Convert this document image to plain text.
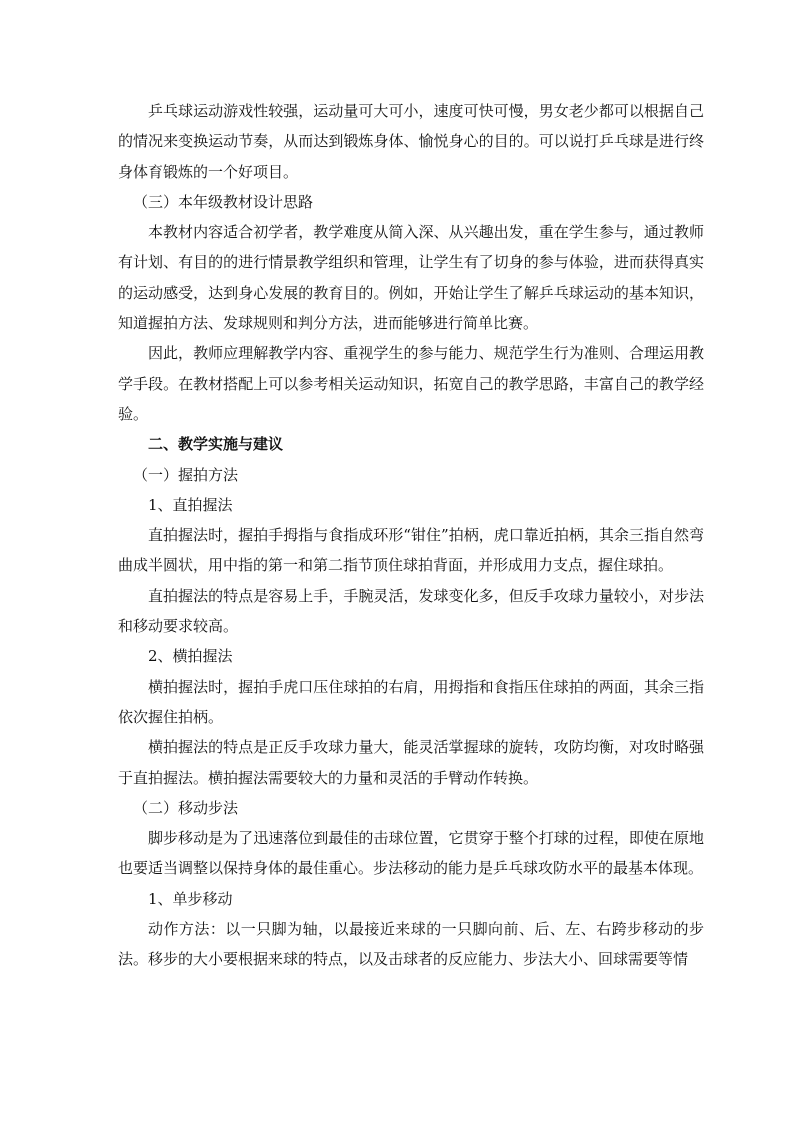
乒乓球运动游戏性较强，运动量可大可小，速度可快可慢，男女老少都可以根据自己的情况来变换运动节奏，从而达到锻炼身体、愉悦身心的目的。可以说打乒乓球是进行终身体育锻炼的一个好项目。

（三）本年级教材设计思路

本教材内容适合初学者，教学难度从简入深、从兴趣出发，重在学生参与，通过教师有计划、有目的的进行情景教学组织和管理，让学生有了切身的参与体验，进而获得真实的运动感受，达到身心发展的教育目的。例如，开始让学生了解乒乓球运动的基本知识，知道握拍方法、发球规则和判分方法，进而能够进行简单比赛。

因此，教师应理解教学内容、重视学生的参与能力、规范学生行为准则、合理运用教学手段。在教材搭配上可以参考相关运动知识，拓宽自己的教学思路，丰富自己的教学经验。

二、教学实施与建议

（一）握拍方法

1、直拍握法

直拍握法时，握拍手拇指与食指成环形“钳住”拍柄，虎口靠近拍柄，其余三指自然弯曲成半圆状，用中指的第一和第二指节顶住球拍背面，并形成用力支点，握住球拍。

直拍握法的特点是容易上手，手腕灵活，发球变化多，但反手攻球力量较小，对步法和移动要求较高。

2、横拍握法

横拍握法时，握拍手虎口压住球拍的右肩，用拇指和食指压住球拍的两面，其余三指依次握住拍柄。

横拍握法的特点是正反手攻球力量大，能灵活掌握球的旋转，攻防均衡，对攻时略强于直拍握法。横拍握法需要较大的力量和灵活的手臂动作转换。

（二）移动步法

脚步移动是为了迅速落位到最佳的击球位置，它贯穿于整个打球的过程，即使在原地也要适当调整以保持身体的最佳重心。步法移动的能力是乒乓球攻防水平的最基本体现。

1、单步移动

动作方法：以一只脚为轴，以最接近来球的一只脚向前、后、左、右跨步移动的步法。移步的大小要根据来球的特点，以及击球者的反应能力、步法大小、回球需要等情
